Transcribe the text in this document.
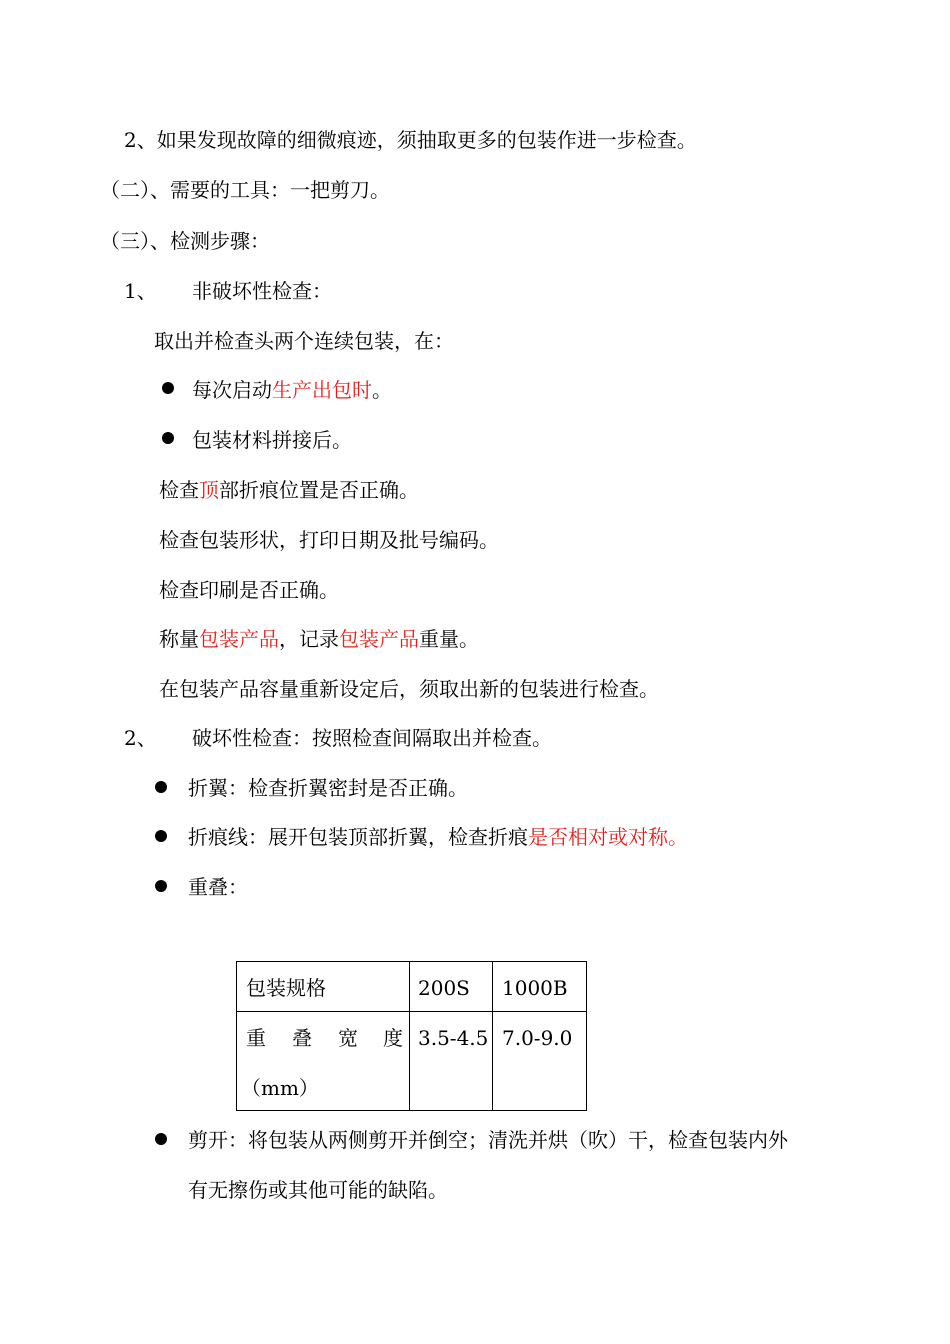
2、如果发现故障的细微痕迹，须抽取更多的包装作进一步检查。
（二）、需要的工具：一把剪刀。
（三）、检测步骤：
1、 非破坏性检查：
取出并检查头两个连续包装，在：
每次启动生产出包时。
包装材料拼接后。
检查顶部折痕位置是否正确。
检查包装形状，打印日期及批号编码。
检查印刷是否正确。
称量包装产品，记录包装产品重量。
在包装产品容量重新设定后，须取出新的包装进行检查。
2、 破坏性检查：按照检查间隔取出并检查。
折翼：检查折翼密封是否正确。
折痕线：展开包装顶部折翼，检查折痕是否相对或对称。
重叠：
包装规格	200S	1000B

重 叠 宽 度
（mm）	3.5-4.5	7.0-9.0
剪开：将包装从两侧剪开并倒空；清洗并烘（吹）干，检查包装内外
有无擦伤或其他可能的缺陷。
